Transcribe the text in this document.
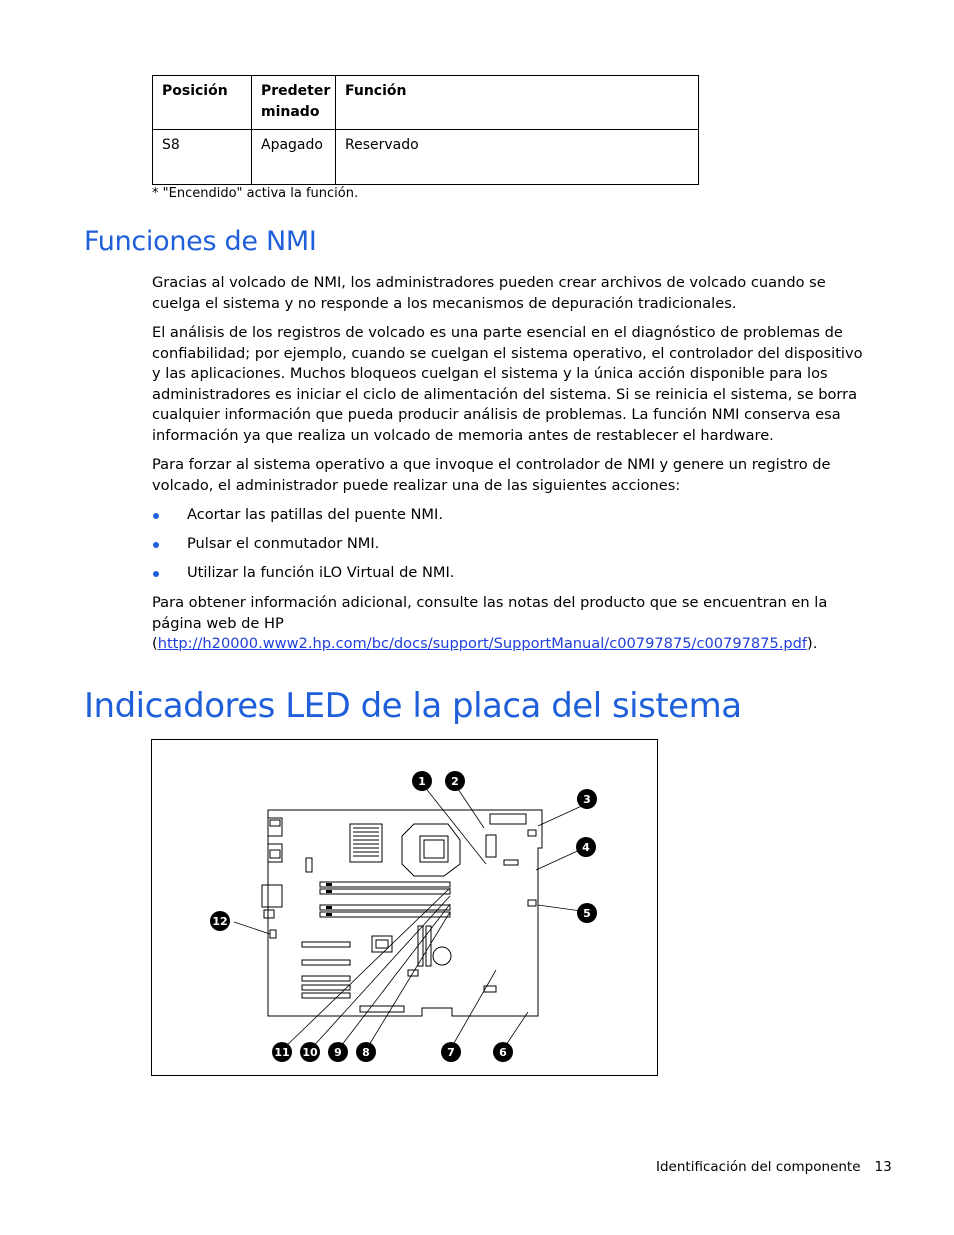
Posición	Predeter minado	Función
S8	Apagado	Reservado
* "Encendido" activa la función.
Funciones de NMI
Gracias al volcado de NMI, los administradores pueden crear archivos de volcado cuando se cuelga el sistema y no responde a los mecanismos de depuración tradicionales.
El análisis de los registros de volcado es una parte esencial en el diagnóstico de problemas de confiabilidad; por ejemplo, cuando se cuelgan el sistema operativo, el controlador del dispositivo y las aplicaciones. Muchos bloqueos cuelgan el sistema y la única acción disponible para los administradores es iniciar el ciclo de alimentación del sistema. Si se reinicia el sistema, se borra cualquier información que pueda producir análisis de problemas. La función NMI conserva esa información ya que realiza un volcado de memoria antes de restablecer el hardware.
Para forzar al sistema operativo a que invoque el controlador de NMI y genere un registro de volcado, el administrador puede realizar una de las siguientes acciones:
Acortar las patillas del puente NMI.
Pulsar el conmutador NMI.
Utilizar la función iLO Virtual de NMI.
Para obtener información adicional, consulte las notas del producto que se encuentran en la página web de HP (http://h20000.www2.hp.com/bc/docs/support/SupportManual/c00797875/c00797875.pdf).
Indicadores LED de la placa del sistema
1 2
3
4
5
6
7
8
9
10
11
12
Identificación del componente 13
